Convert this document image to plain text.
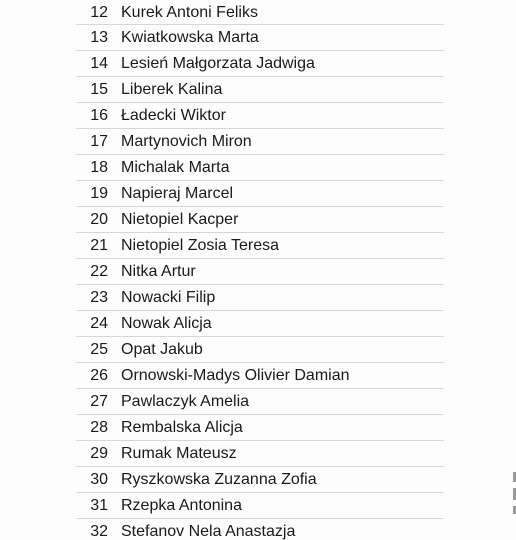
12 Kurek Antoni Feliks
13 Kwiatkowska Marta
14 Lesień Małgorzata Jadwiga
15 Liberek Kalina
16 Ładecki Wiktor
17 Martynovich Miron
18 Michalak Marta
19 Napieraj Marcel
20 Nietopiel Kacper
21 Nietopiel Zosia Teresa
22 Nitka Artur
23 Nowacki Filip
24 Nowak Alicja
25 Opat Jakub
26 Ornowski-Madys Olivier Damian
27 Pawlaczyk Amelia
28 Rembalska Alicja
29 Rumak Mateusz
30 Ryszkowska Zuzanna Zofia
31 Rzepka Antonina
32 Stefanov Nela Anastazja
